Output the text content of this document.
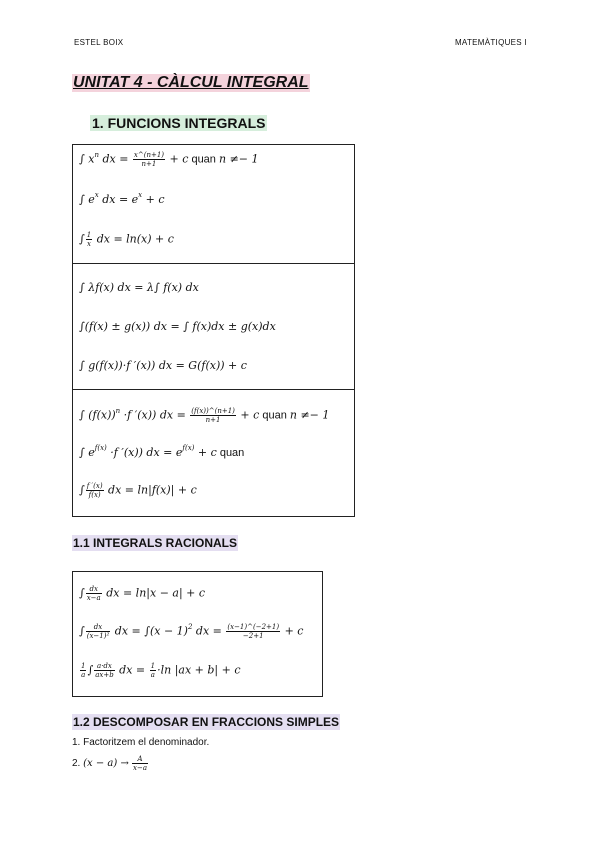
ESTEL BOIX	MATEMÀTIQUES I
UNITAT 4 - CÀLCUL INTEGRAL
1. FUNCIONS INTEGRALS
∫ $x^n$ dx = $\frac{x\^{}(n+1)}{n+1} + c$ quan n ≠− 1
∫ $e^x$ dx = $e^x + c$
∫ $\frac{1}{x}$ dx = ln(x) + c
∫ λf(x) dx = λ∫ f(x) dx
∫(f(x) ± g(x)) dx = ∫ f(x)dx ± g(x)dx
∫ g(f(x))·f ′(x)) dx = G(f(x)) + c
∫ $(f(x))^n \cdot f$ ′(x)) dx = $\frac{(f(x))\^{}(n+1)}{n+1} + c$ quan n ≠− 1
∫ $e^{f(x)} \cdot f$ ′(x)) dx = $e^{f(x)} + c$ quan
∫ $\frac{f '(x)}{f(x)}$ dx = ln|f(x)| + c
1.1 INTEGRALS RACIONALS
∫ $\frac{dx}{x-a}$ dx = ln|x − a| + c
∫ $\frac{dx}{\text{(x−1)²}}$ dx = $\int(x - 1)^2$ dx = $\frac{(x-1)\^{}(-2+1)}{-2+1} + c$
$\frac{1}{a}$ ∫ $\frac{a\cdot dx}{ax+b}$ dx = $\frac{1}{a} \cdot\ln$ |ax + b| + c
1.2 DESCOMPOSAR EN FRACCIONS SIMPLES
1. Factoritzem el denominador.
2. $(x - a) \to \frac{A}{x-a}$
